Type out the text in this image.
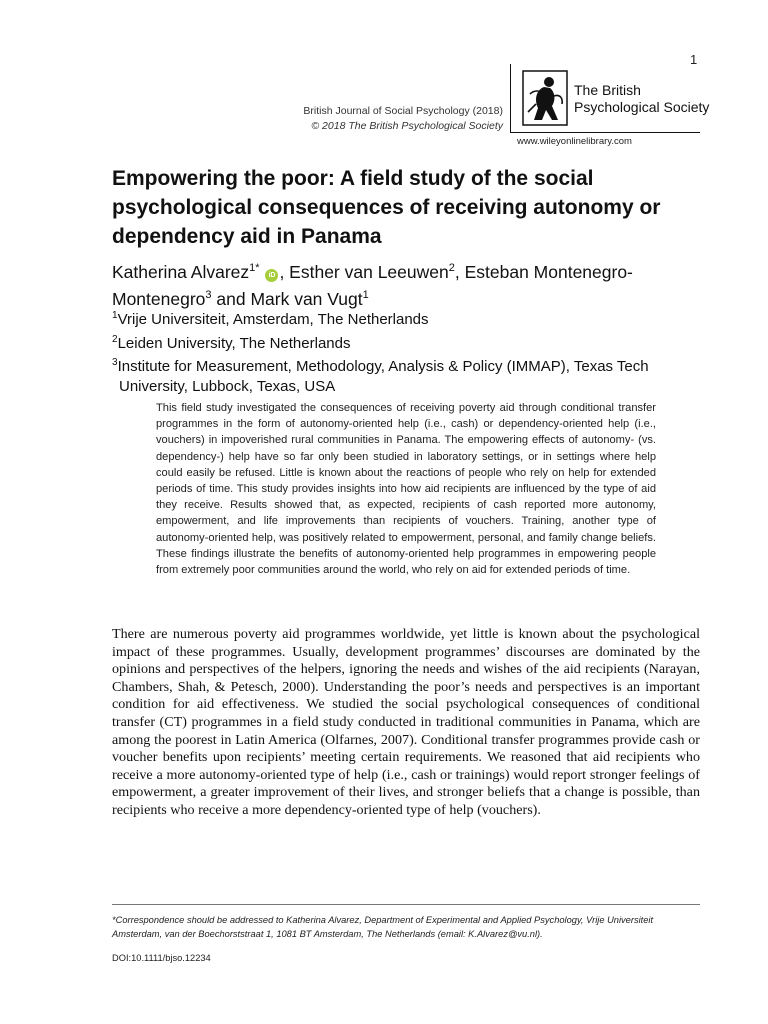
1
British Journal of Social Psychology (2018)
© 2018 The British Psychological Society
The British
Psychological Society
www.wileyonlinelibrary.com
Empowering the poor: A field study of the social psychological consequences of receiving autonomy or dependency aid in Panama
Katherina Alvarez$^{1*}$ iD , Esther van Leeuwen$^2$, Esteban Montenegro-Montenegro$^3$ and Mark van Vugt$^1$
$^1$Vrije Universiteit, Amsterdam, The Netherlands
$^2$Leiden University, The Netherlands
$^3$Institute for Measurement, Methodology, Analysis & Policy (IMMAP), Texas Tech
University, Lubbock, Texas, USA
This field study investigated the consequences of receiving poverty aid through conditional transfer programmes in the form of autonomy-oriented help (i.e., cash) or dependency-oriented help (i.e., vouchers) in impoverished rural communities in Panama. The empowering effects of autonomy- (vs. dependency-) help have so far only been studied in laboratory settings, or in settings where help could easily be refused. Little is known about the reactions of people who rely on help for extended periods of time. This study provides insights into how aid recipients are influenced by the type of aid they receive. Results showed that, as expected, recipients of cash reported more autonomy, empowerment, and life improvements than recipients of vouchers. Training, another type of autonomy-oriented help, was positively related to empowerment, personal, and family change beliefs. These findings illustrate the benefits of autonomy-oriented help programmes in empowering people from extremely poor communities around the world, who rely on aid for extended periods of time.
There are numerous poverty aid programmes worldwide, yet little is known about the psychological impact of these programmes. Usually, development programmes’ discourses are dominated by the opinions and perspectives of the helpers, ignoring the needs and wishes of the aid recipients (Narayan, Chambers, Shah, & Petesch, 2000). Understanding the poor’s needs and perspectives is an important condition for aid effectiveness. We studied the social psychological consequences of conditional transfer (CT) programmes in a field study conducted in traditional communities in Panama, which are among the poorest in Latin America (Olfarnes, 2007). Conditional transfer programmes provide cash or voucher benefits upon recipients’ meeting certain requirements. We reasoned that aid recipients who receive a more autonomy-oriented type of help (i.e., cash or trainings) would report stronger feelings of empowerment, a greater improvement of their lives, and stronger beliefs that a change is possible, than recipients who receive a more dependency-oriented type of help (vouchers).
*Correspondence should be addressed to Katherina Alvarez, Department of Experimental and Applied Psychology, Vrije Universiteit Amsterdam, van der Boechorststraat 1, 1081 BT Amsterdam, The Netherlands (email: K.Alvarez@vu.nl).
DOI:10.1111/bjso.12234
